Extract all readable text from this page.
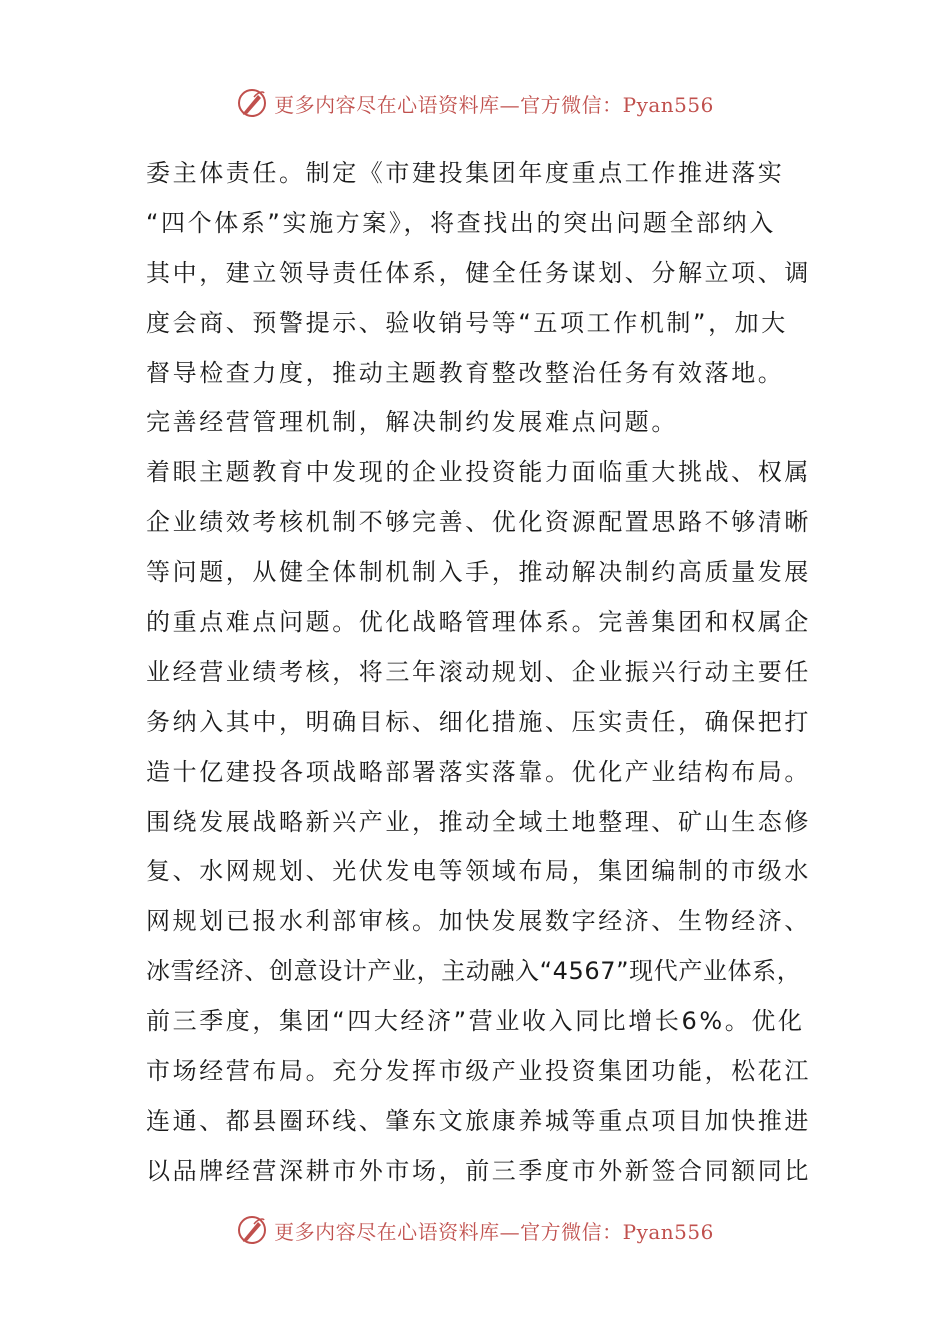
更多内容尽在心语资料库—官方微信：Pyan556
委主体责任。制定《市建投集团年度重点工作推进落实
“四个体系”实施方案》，将查找出的突出问题全部纳入
其中，建立领导责任体系，健全任务谋划、分解立项、调
度会商、预警提示、验收销号等“五项工作机制”，加大
督导检查力度，推动主题教育整改整治任务有效落地。
完善经营管理机制，解决制约发展难点问题。
着眼主题教育中发现的企业投资能力面临重大挑战、权属
企业绩效考核机制不够完善、优化资源配置思路不够清晰
等问题，从健全体制机制入手，推动解决制约高质量发展
的重点难点问题。优化战略管理体系。完善集团和权属企
业经营业绩考核，将三年滚动规划、企业振兴行动主要任
务纳入其中，明确目标、细化措施、压实责任，确保把打
造十亿建投各项战略部署落实落靠。优化产业结构布局。
围绕发展战略新兴产业，推动全域土地整理、矿山生态修
复、水网规划、光伏发电等领域布局，集团编制的市级水
网规划已报水利部审核。加快发展数字经济、生物经济、
冰雪经济、创意设计产业，主动融入“4567”现代产业体系，
前三季度，集团“四大经济”营业收入同比增长6%。优化
市场经营布局。充分发挥市级产业投资集团功能，松花江
连通、都县圈环线、肇东文旅康养城等重点项目加快推进
以品牌经营深耕市外市场，前三季度市外新签合同额同比
更多内容尽在心语资料库—官方微信：Pyan556
